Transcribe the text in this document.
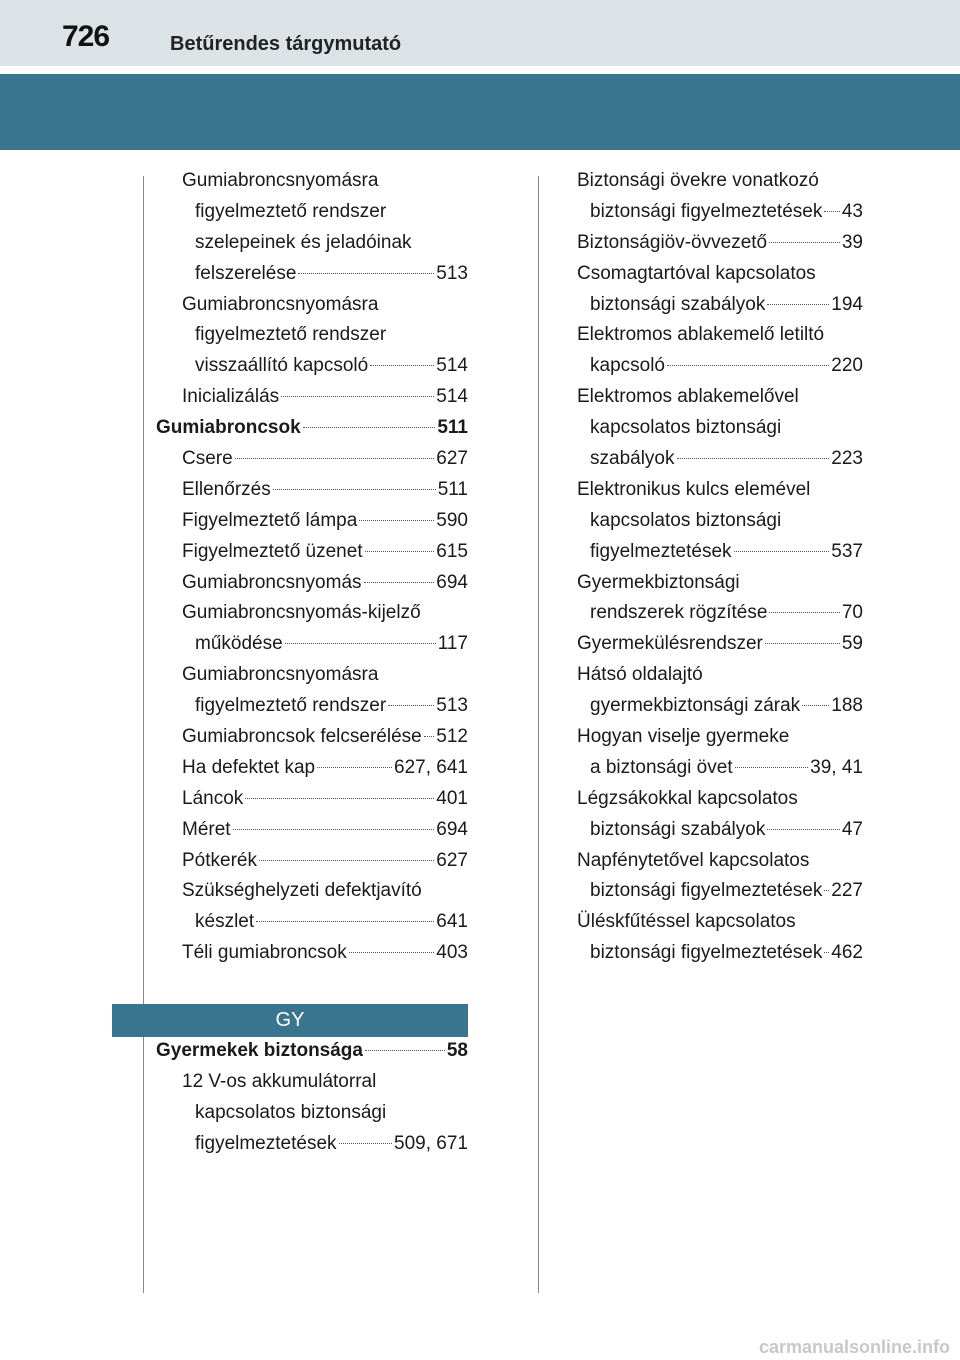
726	Betűrendes tárgymutató
Gumiabroncsnyomásra
figyelmeztető rendszer
szelepeinek és jeladóinak
felszerelése	513
Gumiabroncsnyomásra
figyelmeztető rendszer
visszaállító kapcsoló	514
Inicializálás	514
Gumiabroncsok	511
Csere	627
Ellenőrzés	511
Figyelmeztető lámpa	590
Figyelmeztető üzenet	615
Gumiabroncsnyomás	694
Gumiabroncsnyomás-kijelző
működése	117
Gumiabroncsnyomásra
figyelmeztető rendszer	513
Gumiabroncsok felcserélése 512
Ha defektet kap	627, 641
Láncok	401
Méret	694
Pótkerék	627
Szükséghelyzeti defektjavító
készlet	641
Téli gumiabroncsok	403
GY
Gyermekek biztonsága	58
12 V-os akkumulátorral
kapcsolatos biztonsági
figyelmeztetések	509, 671
Biztonsági övekre vonatkozó
biztonsági figyelmeztetések 43
Biztonságiöv-övvezető	39
Csomagtartóval kapcsolatos
biztonsági szabályok	194
Elektromos ablakemelő letiltó
kapcsoló	220
Elektromos ablakemelővel
kapcsolatos biztonsági
szabályok	223
Elektronikus kulcs elemével
kapcsolatos biztonsági
figyelmeztetések	537
Gyermekbiztonsági
rendszerek rögzítése	70
Gyermekülésrendszer	59
Hátsó oldalajtó
gyermekbiztonsági zárak 188
Hogyan viselje gyermeke
a biztonsági övet	39, 41
Légzsákokkal kapcsolatos
biztonsági szabályok	47
Napfénytetővel kapcsolatos
biztonsági figyelmeztetések 227
Üléskfűtéssel kapcsolatos
biztonsági figyelmeztetések 462
carmanualsonline.info
